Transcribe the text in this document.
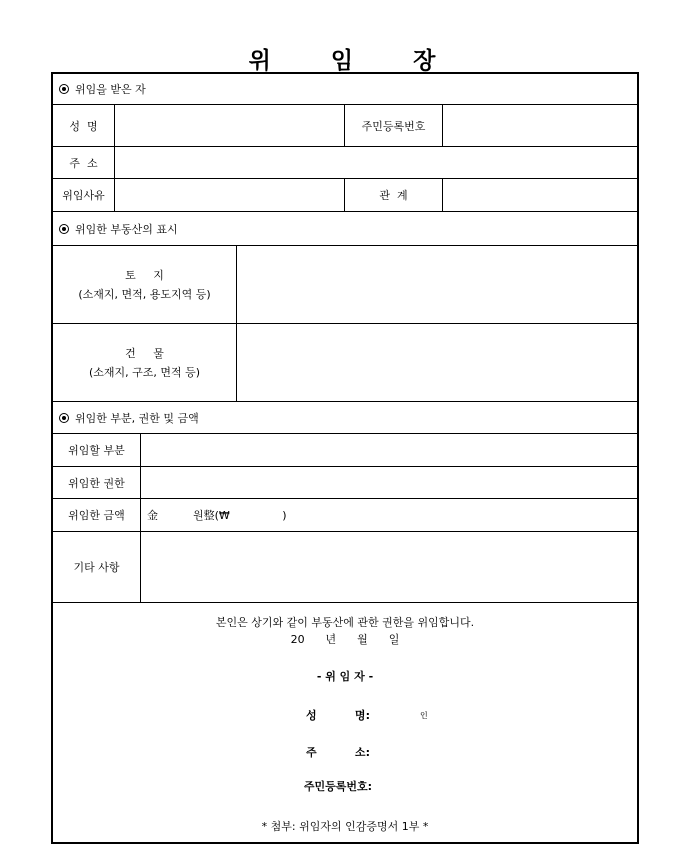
위 임 장
위임을 받은 자
성  명	주민등록번호
주  소
위임사유	관  계
위임한 부동산의 표시
토     지
(소재지, 면적, 용도지역 등)
건     물
(소재지, 구조, 면적 등)
위임한 부분, 권한 및 금액
위임할 부분
위임한 권한
위임한 금액 金          원整(₩               )
기타 사항
본인은 상기와 같이 부동산에 관한 권한을 위임합니다.
20      년      월      일
- 위 임 자 -
성          명:	인
주          소:
주민등록번호:
* 첨부: 위임자의 인감증명서 1부 *
